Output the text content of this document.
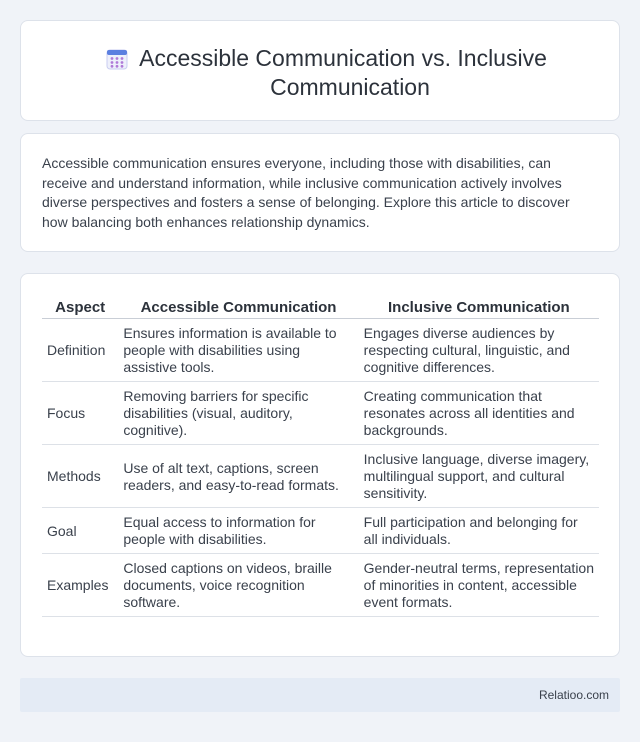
Accessible Communication vs. Inclusive Communication

Accessible communication ensures everyone, including those with disabilities, can receive and understand information, while inclusive communication actively involves diverse perspectives and fosters a sense of belonging. Explore this article to discover how balancing both enhances relationship dynamics.

Aspect	Accessible Communication	Inclusive Communication
Definition	Ensures information is available to people with disabilities using assistive tools.	Engages diverse audiences by respecting cultural, linguistic, and cognitive differences.
Focus	Removing barriers for specific disabilities (visual, auditory, cognitive).	Creating communication that resonates across all identities and backgrounds.
Methods	Use of alt text, captions, screen readers, and easy-to-read formats.	Inclusive language, diverse imagery, multilingual support, and cultural sensitivity.
Goal	Equal access to information for people with disabilities.	Full participation and belonging for all individuals.
Examples	Closed captions on videos, braille documents, voice recognition software.	Gender-neutral terms, representation of minorities in content, accessible event formats.
Relatioo.com
